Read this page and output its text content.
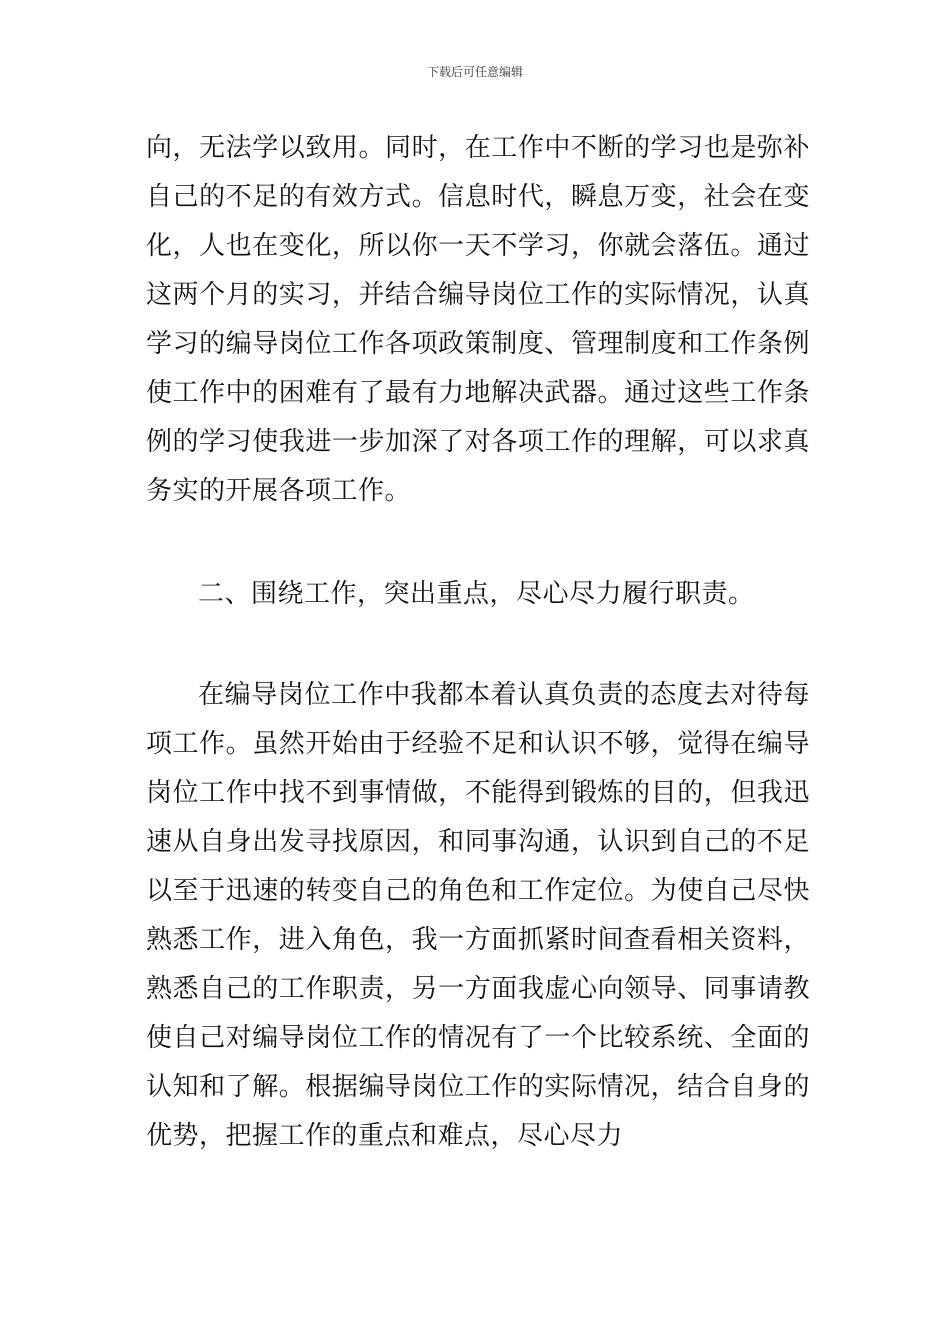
下载后可任意编辑
向，无法学以致用。同时，在工作中不断的学习也是弥补
自己的不足的有效方式。信息时代，瞬息万变，社会在变
化，人也在变化，所以你一天不学习，你就会落伍。通过
这两个月的实习，并结合编导岗位工作的实际情况，认真
学习的编导岗位工作各项政策制度、管理制度和工作条例
使工作中的困难有了最有力地解决武器。通过这些工作条
例的学习使我进一步加深了对各项工作的理解，可以求真
务实的开展各项工作。
二、围绕工作，突出重点，尽心尽力履行职责。
在编导岗位工作中我都本着认真负责的态度去对待每
项工作。虽然开始由于经验不足和认识不够，觉得在编导
岗位工作中找不到事情做，不能得到锻炼的目的，但我迅
速从自身出发寻找原因，和同事沟通，认识到自己的不足
以至于迅速的转变自己的角色和工作定位。为使自己尽快
熟悉工作，进入角色，我一方面抓紧时间查看相关资料，
熟悉自己的工作职责，另一方面我虚心向领导、同事请教
使自己对编导岗位工作的情况有了一个比较系统、全面的
认知和了解。根据编导岗位工作的实际情况，结合自身的
优势，把握工作的重点和难点，尽心尽力
